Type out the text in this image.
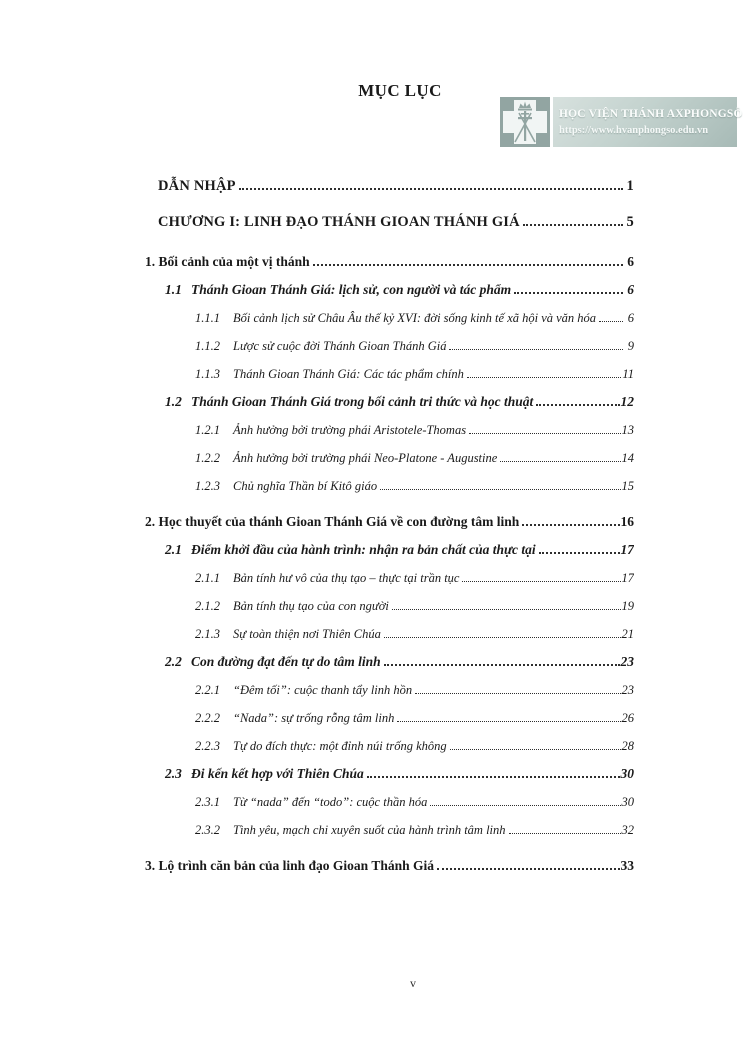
HỌC VIỆN THÁNH AXPHONGSÔ
https://www.hvanphongso.edu.vn
MỤC LỤC
DẪN NHẬP	1
CHƯƠNG I: LINH ĐẠO THÁNH GIOAN THÁNH GIÁ	5
1. Bối cảnh của một vị thánh	6
1.1 Thánh Gioan Thánh Giá: lịch sử, con người và tác phẩm	6
1.1.1	Bối cảnh lịch sử Châu Âu thế kỷ XVI: đời sống kinh tế xã hội và văn hóa	6
1.1.2	Lược sử cuộc đời Thánh Gioan Thánh Giá	9
1.1.3	Thánh Gioan Thánh Giá: Các tác phẩm chính	11
1.2 Thánh Gioan Thánh Giá trong bối cảnh tri thức và học thuật	12
1.2.1	Ảnh hưởng bởi trường phái Aristotele-Thomas	13
1.2.2	Ảnh hưởng bởi trường phái Neo-Platone - Augustine	14
1.2.3	Chủ nghĩa Thần bí Kitô giáo	15
2. Học thuyết của thánh Gioan Thánh Giá về con đường tâm linh	16
2.1 Điểm khởi đầu của hành trình: nhận ra bản chất của thực tại	17
2.1.1	Bản tính hư vô của thụ tạo – thực tại trần tục	17
2.1.2	Bản tính thụ tạo của con người	19
2.1.3	Sự toàn thiện nơi Thiên Chúa	21
2.2 Con đường đạt đến tự do tâm linh	23
2.2.1	“Đêm tối”: cuộc thanh tẩy linh hồn	23
2.2.2	“Nada”: sự trống rỗng tâm linh	26
2.2.3	Tự do đích thực: một đỉnh núi trống không	28
2.3 Đi kến kết hợp với Thiên Chúa	30
2.3.1	Từ “nada” đến “todo”: cuộc thần hóa	30
2.3.2	Tình yêu, mạch chi xuyên suốt của hành trình tâm linh	32
3. Lộ trình căn bản của linh đạo Gioan Thánh Giá	33
v
